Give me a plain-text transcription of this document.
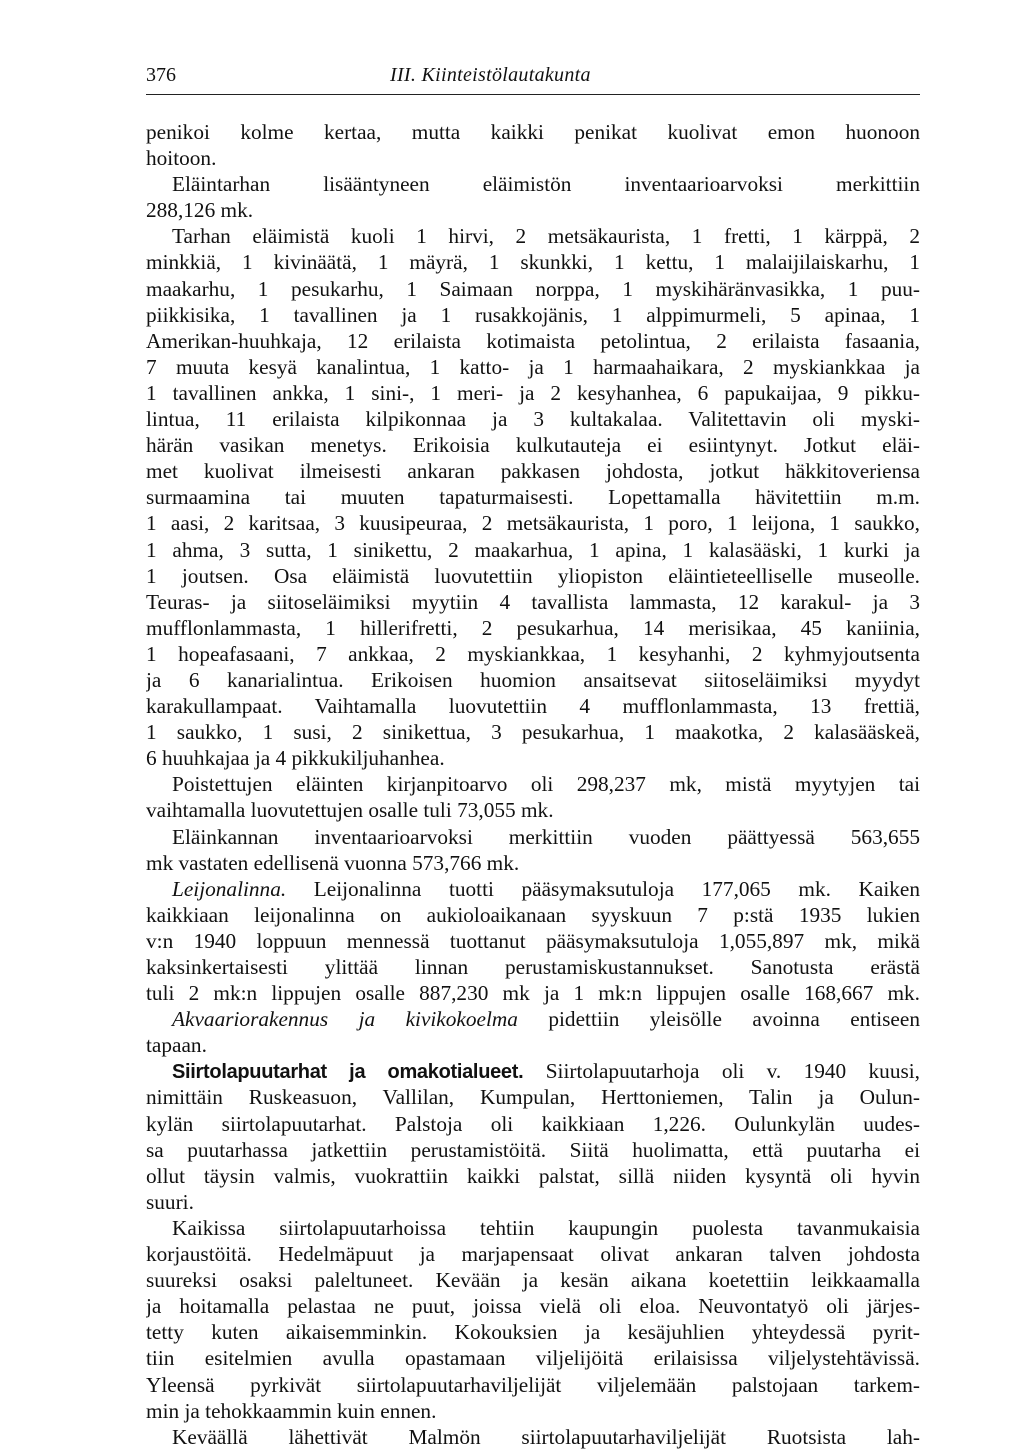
376	III. Kiinteistölautakunta
penikoi kolme kertaa, mutta kaikki penikat kuolivat emon huonoon
hoitoon.
Eläintarhan lisääntyneen eläimistön inventaarioarvoksi merkittiin
288,126 mk.
Tarhan eläimistä kuoli 1 hirvi, 2 metsäkaurista, 1 fretti, 1 kärppä, 2
minkkiä, 1 kivinäätä, 1 mäyrä, 1 skunkki, 1 kettu, 1 malaijilaiskarhu, 1
maakarhu, 1 pesukarhu, 1 Saimaan norppa, 1 myskihäränvasikka, 1 puu-
piikkisika, 1 tavallinen ja 1 rusakkojänis, 1 alppimurmeli, 5 apinaa, 1
Amerikan-huuhkaja, 12 erilaista kotimaista petolintua, 2 erilaista fasaania,
7 muuta kesyä kanalintua, 1 katto- ja 1 harmaahaikara, 2 myskiankkaa ja
1 tavallinen ankka, 1 sini-, 1 meri- ja 2 kesyhanhea, 6 papukaijaa, 9 pikku-
lintua, 11 erilaista kilpikonnaa ja 3 kultakalaa. Valitettavin oli myski-
härän vasikan menetys. Erikoisia kulkutauteja ei esiintynyt. Jotkut eläi-
met kuolivat ilmeisesti ankaran pakkasen johdosta, jotkut häkkitoveriensa
surmaamina tai muuten tapaturmaisesti. Lopettamalla hävitettiin m.m.
1 aasi, 2 karitsaa, 3 kuusipeuraa, 2 metsäkaurista, 1 poro, 1 leijona, 1 saukko,
1 ahma, 3 sutta, 1 sinikettu, 2 maakarhua, 1 apina, 1 kalasääski, 1 kurki ja
1 joutsen. Osa eläimistä luovutettiin yliopiston eläintieteelliselle museolle.
Teuras- ja siitoseläimiksi myytiin 4 tavallista lammasta, 12 karakul- ja 3
mufflonlammasta, 1 hillerifretti, 2 pesukarhua, 14 merisikaa, 45 kaniinia,
1 hopeafasaani, 7 ankkaa, 2 myskiankkaa, 1 kesyhanhi, 2 kyhmyjoutsenta
ja 6 kanarialintua. Erikoisen huomion ansaitsevat siitoseläimiksi myydyt
karakullampaat. Vaihtamalla luovutettiin 4 mufflonlammasta, 13 frettiä,
1 saukko, 1 susi, 2 sinikettua, 3 pesukarhua, 1 maakotka, 2 kalasääskeä,
6 huuhkajaa ja 4 pikkukiljuhanhea.
Poistettujen eläinten kirjanpitoarvo oli 298,237 mk, mistä myytyjen tai
vaihtamalla luovutettujen osalle tuli 73,055 mk.
Eläinkannan inventaarioarvoksi merkittiin vuoden päättyessä 563,655
mk vastaten edellisenä vuonna 573,766 mk.
Leijonalinna. Leijonalinna tuotti pääsymaksutuloja 177,065 mk. Kaiken
kaikkiaan leijonalinna on aukioloaikanaan syyskuun 7 p:stä 1935 lukien
v:n 1940 loppuun mennessä tuottanut pääsymaksutuloja 1,055,897 mk, mikä
kaksinkertaisesti ylittää linnan perustamiskustannukset. Sanotusta erästä
tuli 2 mk:n lippujen osalle 887,230 mk ja 1 mk:n lippujen osalle 168,667 mk.
Akvaariorakennus ja kivikokoelma pidettiin yleisölle avoinna entiseen
tapaan.
Siirtolapuutarhat ja omakotialueet. Siirtolapuutarhoja oli v. 1940 kuusi,
nimittäin Ruskeasuon, Vallilan, Kumpulan, Herttoniemen, Talin ja Oulun-
kylän siirtolapuutarhat. Palstoja oli kaikkiaan 1,226. Oulunkylän uudes-
sa puutarhassa jatkettiin perustamistöitä. Siitä huolimatta, että puutarha ei
ollut täysin valmis, vuokrattiin kaikki palstat, sillä niiden kysyntä oli hyvin
suuri.
Kaikissa siirtolapuutarhoissa tehtiin kaupungin puolesta tavanmukaisia
korjaustöitä. Hedelmäpuut ja marjapensaat olivat ankaran talven johdosta
suureksi osaksi paleltuneet. Kevään ja kesän aikana koetettiin leikkaamalla
ja hoitamalla pelastaa ne puut, joissa vielä oli eloa. Neuvontatyö oli järjes-
tetty kuten aikaisemminkin. Kokouksien ja kesäjuhlien yhteydessä pyrit-
tiin esitelmien avulla opastamaan viljelijöitä erilaisissa viljelystehtävissä.
Yleensä pyrkivät siirtolapuutarhaviljelijät viljelemään palstojaan tarkem-
min ja tehokkaammin kuin ennen.
Keväällä lähettivät Malmön siirtolapuutarhaviljelijät Ruotsista lah-
